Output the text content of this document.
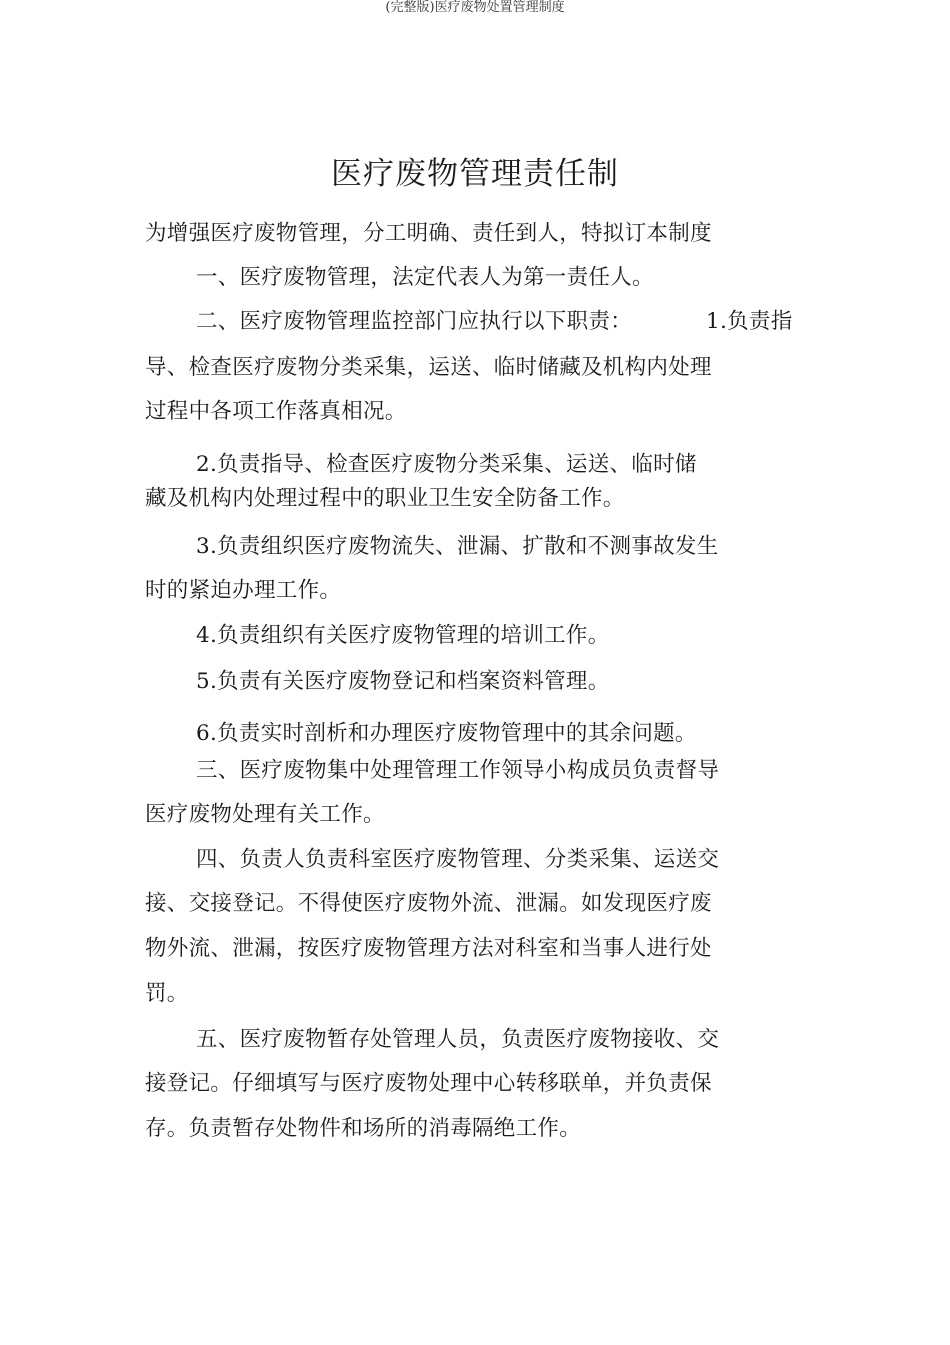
(完整版)医疗废物处置管理制度
医疗废物管理责任制
为增强医疗废物管理，分工明确、责任到人，特拟订本制度
一、医疗废物管理，法定代表人为第一责任人。
二、医疗废物管理监控部门应执行以下职责：	1.负责指
导、检查医疗废物分类采集，运送、临时储藏及机构内处理
过程中各项工作落真相况。
2.负责指导、检查医疗废物分类采集、运送、临时储
藏及机构内处理过程中的职业卫生安全防备工作。
3.负责组织医疗废物流失、泄漏、扩散和不测事故发生
时的紧迫办理工作。
4.负责组织有关医疗废物管理的培训工作。
5.负责有关医疗废物登记和档案资料管理。
6.负责实时剖析和办理医疗废物管理中的其余问题。
三、医疗废物集中处理管理工作领导小构成员负责督导
医疗废物处理有关工作。
四、负责人负责科室医疗废物管理、分类采集、运送交
接、交接登记。不得使医疗废物外流、泄漏。如发现医疗废
物外流、泄漏，按医疗废物管理方法对科室和当事人进行处
罚。
五、医疗废物暂存处管理人员，负责医疗废物接收、交
接登记。仔细填写与医疗废物处理中心转移联单，并负责保
存。负责暂存处物件和场所的消毒隔绝工作。
